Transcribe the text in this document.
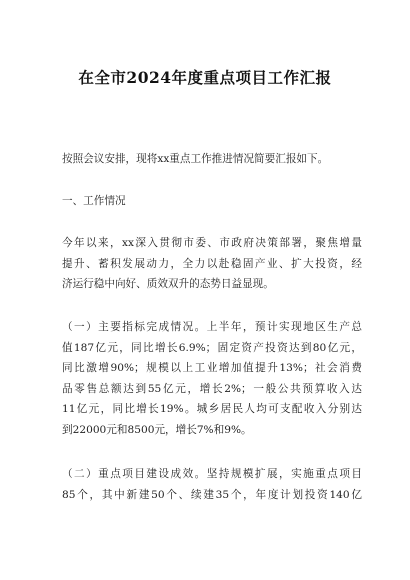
在全市2024年度重点项目工作汇报
按照会议安排，现将xx重点工作推进情况简要汇报如下。
一、工作情况
今年以来，xx深入贯彻市委、市政府决策部署，聚焦增量
提升、蓄积发展动力，全力以赴稳固产业、扩大投资，经
济运行稳中向好、质效双升的态势日益显现。
（一）主要指标完成情况。上半年，预计实现地区生产总
值187亿元，同比增长6.9%；固定资产投资达到80亿元，
同比激增90%；规模以上工业增加值提升13%；社会消费
品零售总额达到55亿元，增长2%；一般公共预算收入达
11亿元，同比增长19%。城乡居民人均可支配收入分别达
到22000元和8500元，增长7%和9%。
（二）重点项目建设成效。坚持规模扩展，实施重点项目
85个，其中新建50个、续建35个，年度计划投资140亿
